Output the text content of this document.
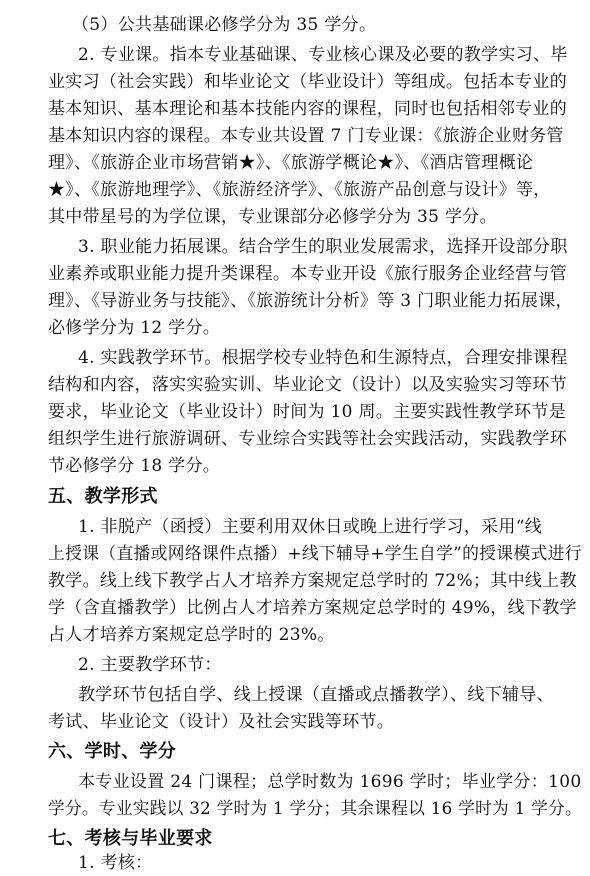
（5）公共基础课必修学分为 35 学分。
2. 专业课。指本专业基础课、专业核心课及必要的教学实习、毕
业实习（社会实践）和毕业论文（毕业设计）等组成。包括本专业的
基本知识、基本理论和基本技能内容的课程，同时也包括相邻专业的
基本知识内容的课程。本专业共设置 7 门专业课：《旅游企业财务管
理》、《旅游企业市场营销★》、《旅游学概论★》、《酒店管理概论
★》、《旅游地理学》、《旅游经济学》、《旅游产品创意与设计》等，
其中带星号的为学位课，专业课部分必修学分为 35 学分。
3. 职业能力拓展课。结合学生的职业发展需求，选择开设部分职
业素养或职业能力提升类课程。本专业开设《旅行服务企业经营与管
理》、《导游业务与技能》、《旅游统计分析》等 3 门职业能力拓展课，
必修学分为 12 学分。
4. 实践教学环节。根据学校专业特色和生源特点，合理安排课程
结构和内容，落实实验实训、毕业论文（设计）以及实验实习等环节
要求，毕业论文（毕业设计）时间为 10 周。主要实践性教学环节是
组织学生进行旅游调研、专业综合实践等社会实践活动，实践教学环
节必修学分 18 学分。
五、教学形式
1. 非脱产（函授）主要利用双休日或晚上进行学习，采用“线
上授课（直播或网络课件点播）+线下辅导+学生自学”的授课模式进行
教学。线上线下教学占人才培养方案规定总学时的 72%；其中线上教
学（含直播教学）比例占人才培养方案规定总学时的 49%，线下教学
占人才培养方案规定总学时的 23%。
2. 主要教学环节：
教学环节包括自学、线上授课（直播或点播教学）、线下辅导、
考试、毕业论文（设计）及社会实践等环节。
六、学时、学分
本专业设置 24 门课程；总学时数为 1696 学时；毕业学分：100
学分。专业实践以 32 学时为 1 学分；其余课程以 16 学时为 1 学分。
七、考核与毕业要求
1. 考核：
